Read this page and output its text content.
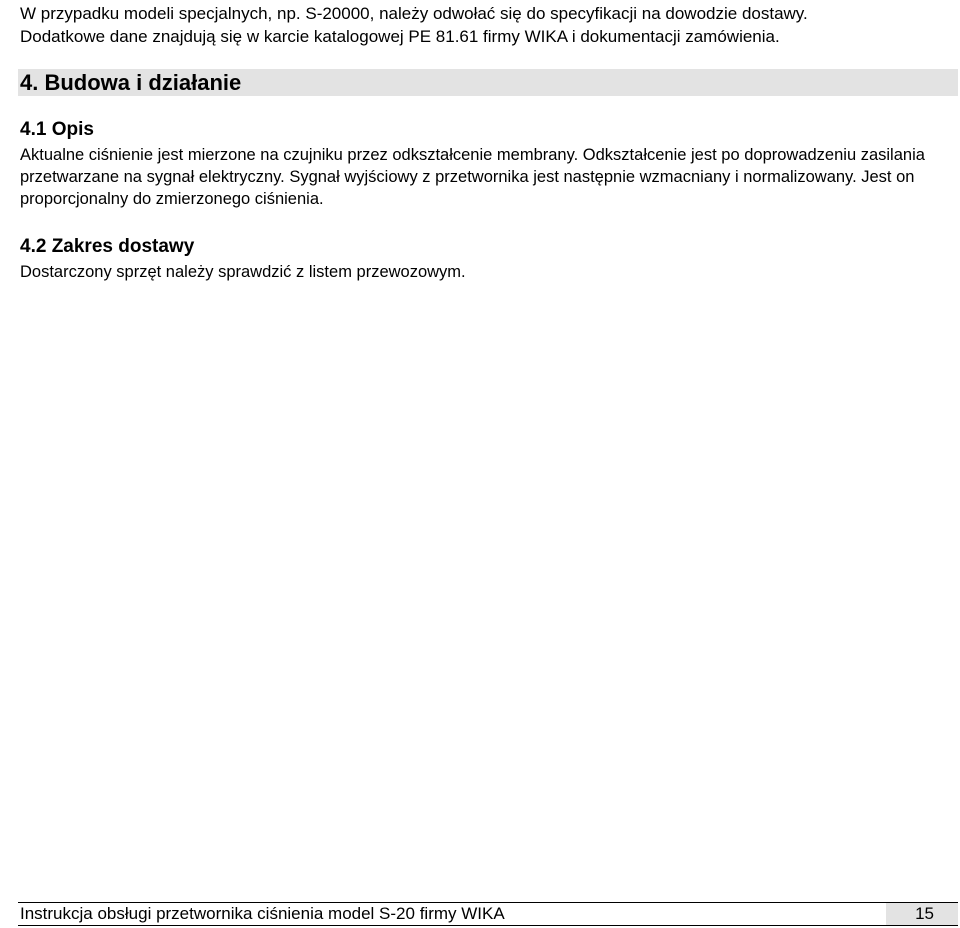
W przypadku modeli specjalnych, np. S-20000, należy odwołać się do specyfikacji na dowodzie dostawy.

Dodatkowe dane znajdują się w karcie katalogowej PE 81.61 firmy WIKA i dokumentacji zamówienia.

4. Budowa i działanie
4.1 Opis

Aktualne ciśnienie jest mierzone na czujniku przez odkształcenie membrany. Odkształcenie jest po doprowadzeniu zasilania przetwarzane na sygnał elektryczny. Sygnał wyjściowy z przetwornika jest następnie wzmacniany i normalizowany. Jest on proporcjonalny do zmierzonego ciśnienia.

4.2 Zakres dostawy

Dostarczony sprzęt należy sprawdzić z listem przewozowym.

Instrukcja obsługi przetwornika ciśnienia model S-20 firmy WIKA	15
